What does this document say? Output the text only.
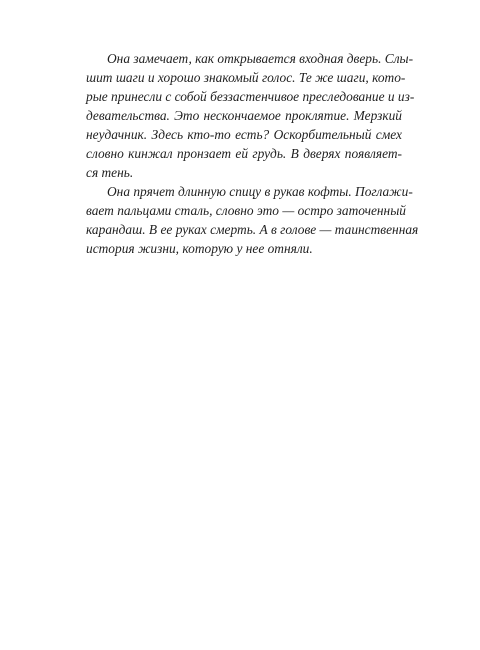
Она замечает, как открывается входная дверь. Слы-
шит шаги и хорошо знакомый голос. Те же шаги, кото-
рые принесли с собой беззастенчивое преследование и из-
девательства. Это нескончаемое проклятие. Мерзкий
неудачник. Здесь кто-то есть? Оскорбительный смех
словно кинжал пронзает ей грудь. В дверях появляет-
ся тень.

Она прячет длинную спицу в рукав кофты. Поглажи-
вает пальцами сталь, словно это — остро заточенный
карандаш. В ее руках смерть. А в голове — таинственная
история жизни, которую у нее отняли.
